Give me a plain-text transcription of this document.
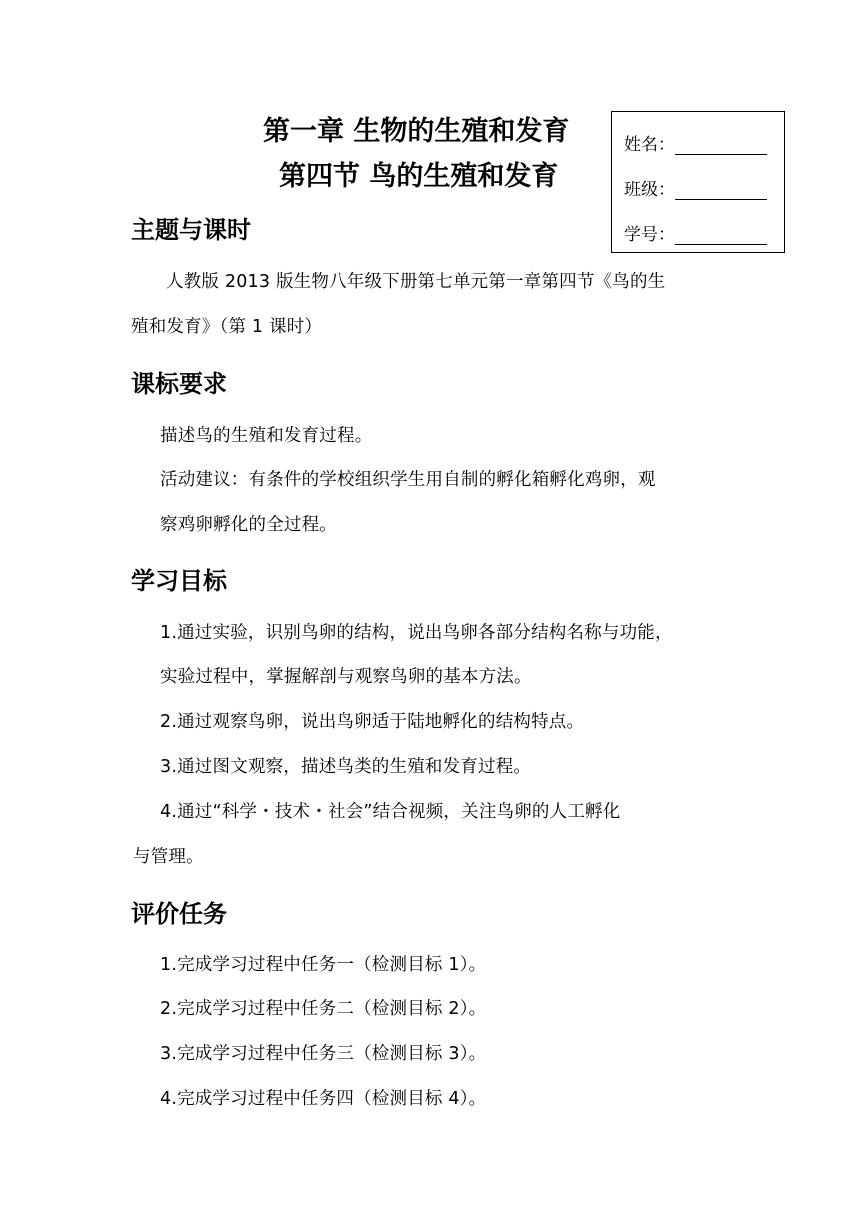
第一章 生物的生殖和发育
第四节 鸟的生殖和发育
姓名：
班级：
学号：
主题与课时
人教版 2013 版生物八年级下册第七单元第一章第四节《鸟的生
殖和发育》（第 1 课时）
课标要求
描述鸟的生殖和发育过程。
活动建议：有条件的学校组织学生用自制的孵化箱孵化鸡卵，观
察鸡卵孵化的全过程。
学习目标
1.通过实验，识别鸟卵的结构，说出鸟卵各部分结构名称与功能，
实验过程中，掌握解剖与观察鸟卵的基本方法。
2.通过观察鸟卵，说出鸟卵适于陆地孵化的结构特点。
3.通过图文观察，描述鸟类的生殖和发育过程。
4.通过“科学・技术・社会”结合视频，关注鸟卵的人工孵化
与管理。
评价任务
1.完成学习过程中任务一（检测目标 1）。
2.完成学习过程中任务二（检测目标 2）。
3.完成学习过程中任务三（检测目标 3）。
4.完成学习过程中任务四（检测目标 4）。
